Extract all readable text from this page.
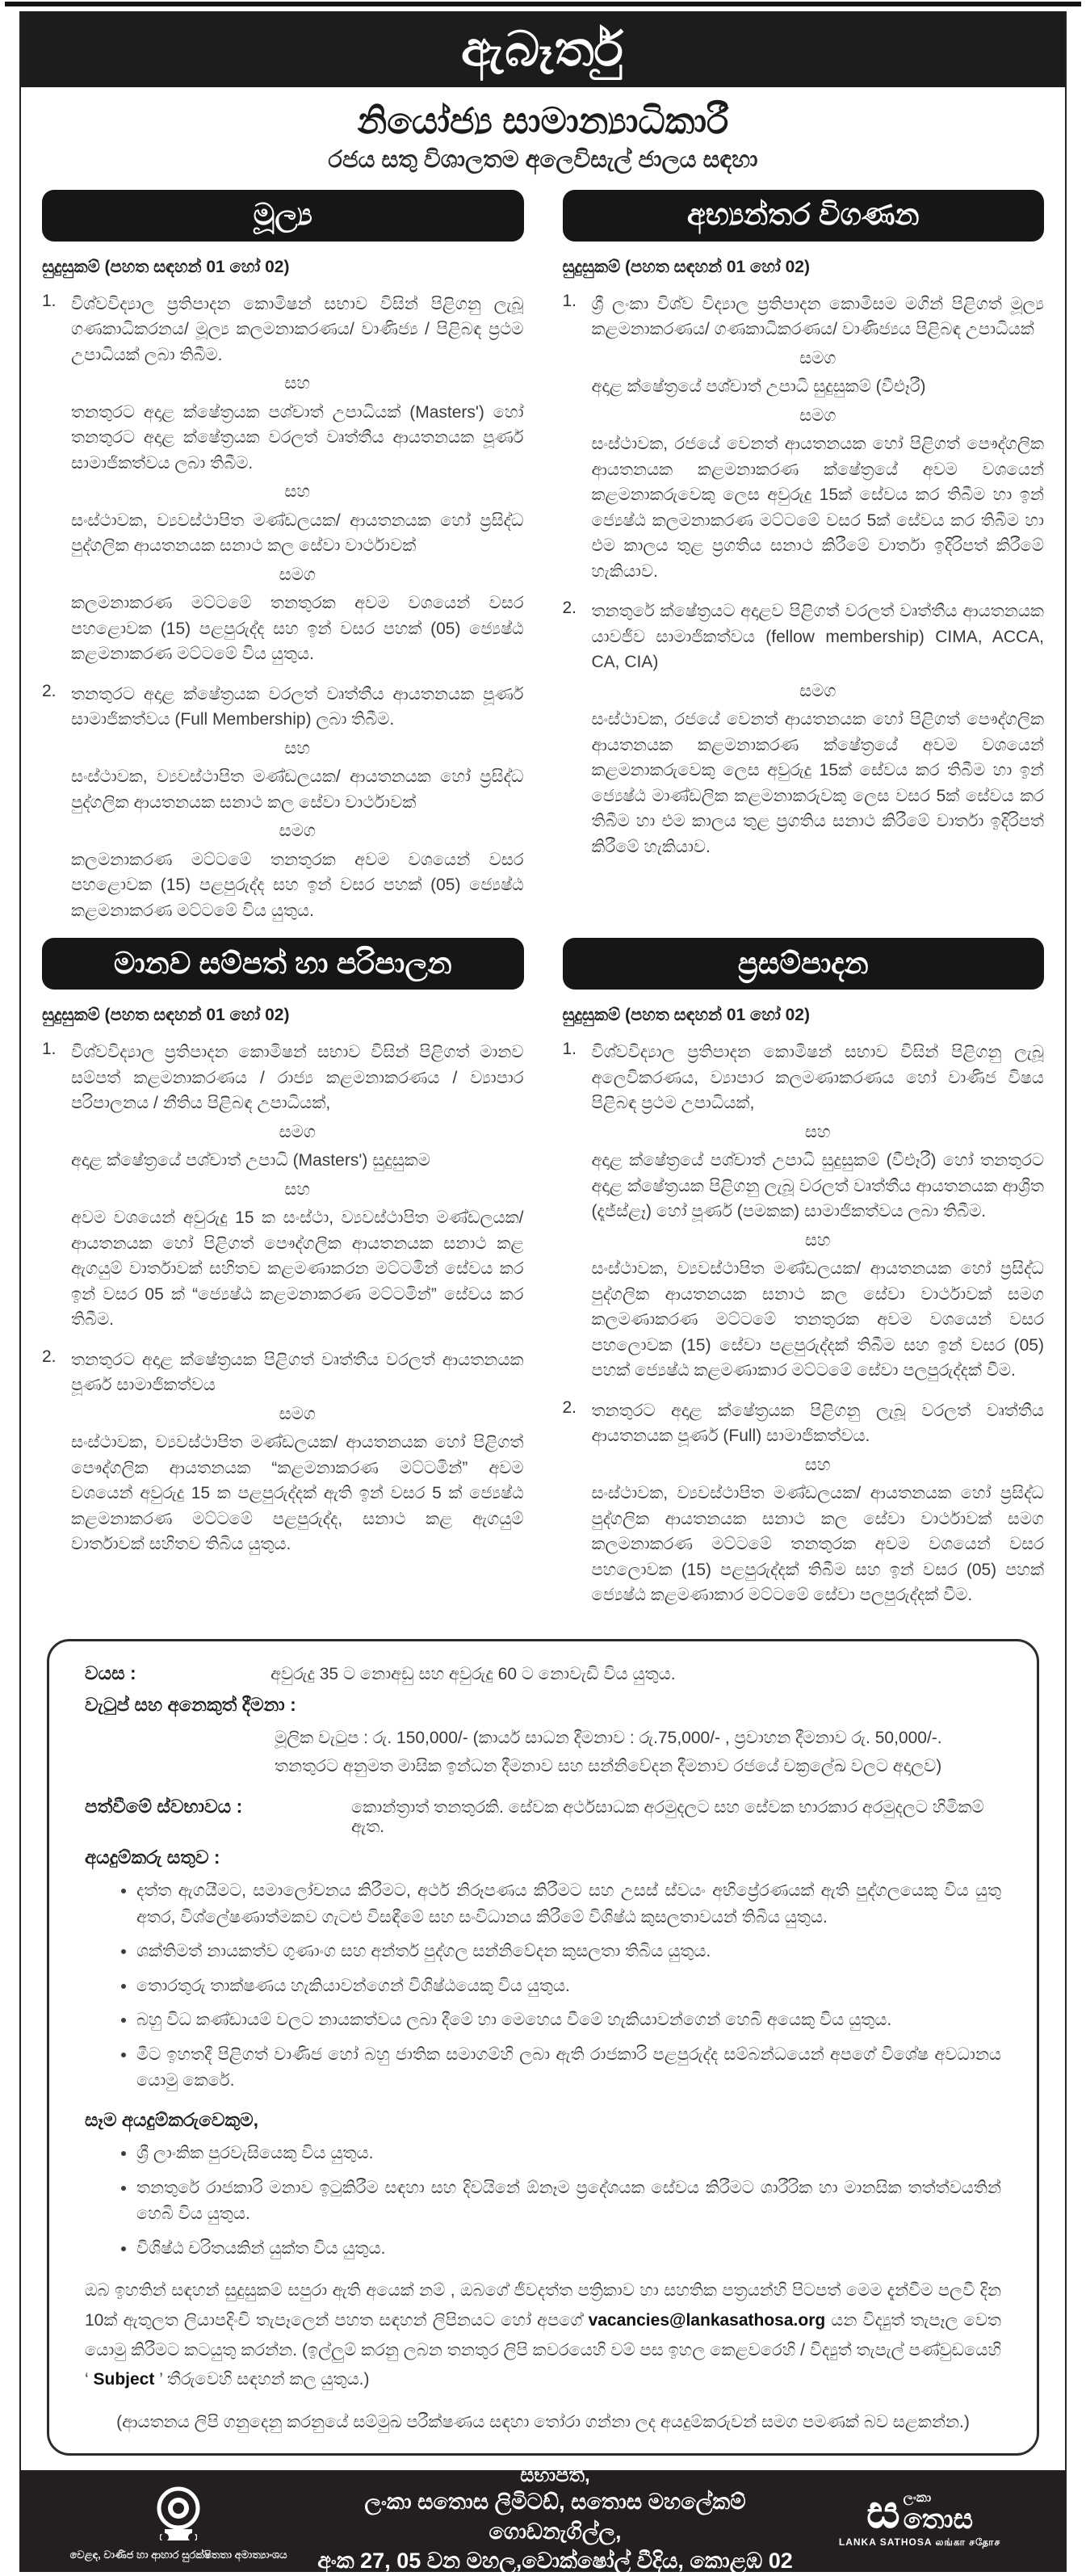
ඇබෑර්තු
නියෝජ්‍ය සාමාන්‍යාධිකාරී
රජය සතු විශාලතම අලෙවිසැල් ජාලය සඳහා
මූල්‍ය
සුදුසුකම් (පහත සඳහන් 01 හෝ 02)
1. විශ්වවිද්‍යාල ප්‍රතිපාදන කොමිෂන් සභාව විසින් පිළිගනු ලැබූ ගණකාධිකරනය/ මූල්‍ය කලමනාකරණය/ වාණිජ්‍ය / පිළිබඳ ප්‍රථම උපාධියක් ලබා තිබීම.
සහ
තනතුරට අදාළ ක්ෂේත්‍රයක පශ්චාත් උපාධියක් (Masters') හෝ තනතුරට අදාළ ක්ෂේත්‍රයක වරලත් වෘත්තීය ආයතනයක පූර්ණ සාමාජිකත්වය ලබා තිබීම.
සහ
සංස්ථාවක, ව්‍යවස්ථාපිත මණ්ඩලයක/ ආයතනයක හෝ ප්‍රසිද්ධ පුද්ගලික ආයතනයක සනාථ කල සේවා වාර්ථාවක්
සමග
කලමනාකරණ මට්ටමේ තනතුරක අවම වශයෙන් වසර පහළොවක (15) පළපුරුද්ද සහ ඉන් වසර පහක් (05) ජ්‍යෙෂ්ඨ කළමනාකරණ මට්ටමේ විය යුතුය.
2. තනතුරට අදාළ ක්ෂේත්‍රයක වරලත් වෘත්තීය ආයතනයක පූර්ණ සාමාජිකත්වය (Full Membership) ලබා තිබීම.
සහ
සංස්ථාවක, ව්‍යවස්ථාපිත මණ්ඩලයක/ ආයතනයක හෝ ප්‍රසිද්ධ පුද්ගලික ආයතනයක සනාථ කල සේවා වාර්ථාවක්
සමග
කලමනාකරණ මට්ටමේ තනතුරක අවම වශයෙන් වසර පහළොවක (15) පළපුරුද්ද සහ ඉන් වසර පහක් (05) ජ්‍යෙෂ්ඨ කළමනාකරණ මට්ටමේ විය යුතුය.
අභ්‍යන්තර විගණන
සුදුසුකම් (පහත සඳහන් 01 හෝ 02)
1. ශ්‍රී ලංකා විශ්ව විද්‍යාල ප්‍රතිපාදන කොමිසම මගින් පිළිගත් මූල්‍ය කළමනාකරණය/ ගණකාධිකරණය/ වාණිජ්‍යය පිළිබඳ උපාධියක්
සමග
අදාළ ක්ෂේත්‍රයේ පශ්චාත් උපාධි සුදුසුකම් (වීඑෑරී)
සමග
සංස්ථාවක, රජයේ වෙනත් ආයතනයක හෝ පිළිගත් පෞද්ගලික ආයතනයක කළමනාකරණ ක්ෂේත්‍රයේ අවම වශයෙන් කළමනාකරුවෙකු ලෙස අවුරුදු 15ක් සේවය කර තිබීම හා ඉන් ජ්‍යෙෂ්ඨ කලමනාකරණ මට්ටමේ වසර 5ක් සේවය කර තිබීම හා එම කාලය තුළ ප්‍රගතිය සනාථ කිරීමේ වාර්තා ඉදිරිපත් කිරීමේ හැකියාව.
2. තනතුරේ ක්ෂේත්‍රයට අදාළව පිළිගත් වරලත් වෘත්තීය ආයතනයක යාවජීව සාමාජිකත්වය (fellow membership) CIMA, ACCA, CA, CIA)
සමග
සංස්ථාවක, රජයේ වෙනත් ආයතනයක හෝ පිළිගත් පෞද්ගලික ආයතනයක කළමනාකරණ ක්ෂේත්‍රයේ අවම වශයෙන් කළමනාකරුවෙකු ලෙස අවුරුදු 15ක් සේවය කර තිබීම හා ඉන් ජ්‍යෙෂ්ඨ මාණ්ඩලික කළමනාකරුවකු ලෙස වසර 5ක් සේවය කර තිබීම හා එම කාලය තුළ ප්‍රගතිය සනාථ කිරීමේ වාර්තා ඉදිරිපත් කිරීමේ හැකියාව.
මානව සම්පත් හා පරිපාලන
සුදුසුකම් (පහත සඳහන් 01 හෝ 02)
1. විශ්වවිද්‍යාල ප්‍රතිපාදන කොමිෂන් සභාව විසින් පිළිගත් මානව සම්පත් කළමනාකරණය / රාජ්‍ය කළමනාකරණය / ව්‍යාපාර පරිපාලනය / නීතිය පිළිබඳ උපාධියක්,
සමග
අදාළ ක්ෂේත්‍රයේ පශ්චාත් උපාධි (Masters') සුදුසුකම
සහ
අවම වශයෙන් අවුරුදු 15 ක සංස්ථා, ව්‍යවස්ථාපිත මණ්ඩලයක/ ආයතනයක හෝ පිළිගත් පෞද්ගලික ආයතනයක සනාථ කළ ඇගයුම් වාර්තාවක් සහිතව කළමණාකරන මට්ටමින් සේවය කර ඉන් වසර 05 ක් “ජ්‍යෙෂ්ඨ කළමනාකරණ මට්ටමින්” සේවය කර තිබීම.
2. තනතුරට අදාළ ක්ෂේත්‍රයක පිළිගත් වෘත්තීය වරලත් ආයතනයක පූර්ණ සාමාජිකත්වය
සමග
සංස්ථාවක, ව්‍යවස්ථාපිත මණ්ඩලයක/ ආයතනයක හෝ පිළිගත් පෞද්ගලික ආයතනයක “කළමනාකරණ මට්ටමින්” අවම වශයෙන් අවුරුදු 15 ක පළපුරුද්දක් ඇති ඉන් වසර 5 ක් ජ්‍යෙෂ්ඨ කළමනාකරණ මට්ටමේ පළපුරුද්ද, සනාථ කළ ඇගයුම් වාර්තාවක් සහිතව තිබිය යුතුය.
ප්‍රසම්පාදන
සුදුසුකම් (පහත සඳහන් 01 හෝ 02)
1. විශ්වවිද්‍යාල ප්‍රතිපාදන කොමිෂන් සභාව විසින් පිළිගනු ලැබූ අලෙවිකරණය, ව්‍යාපාර කලමණාකරණය හෝ වාණිජ විෂය පිළිබඳ ප්‍රථම උපාධියක්,
සහ
අදාළ ක්ෂේත්‍රයේ පශ්චාත් උපාධි සුදුසුකම් (වීඑෑරී) හෝ තනතුරට අදාළ ක්ෂේත්‍රයක පිළිගනු ලැබූ වරලත් වෘත්තීය ආයතනයක ආශ්‍රිත (දෑජ්ස්ළෑ) හෝ පූර්ණ (පමකක) සාමාජිකත්වය ලබා තිබීම.
සහ
සංස්ථාවක, ව්‍යවස්ථාපිත මණ්ඩලයක/ ආයතනයක හෝ ප්‍රසිද්ධ පුද්ගලික ආයතනයක සනාථ කල සේවා වාර්ථාවක් සමග කලමණාකරණ මට්ටමේ තනතුරක අවම වශයෙන් වසර පහලොවක (15) සේවා පළපුරුද්දක් තිබීම සහ ඉන් වසර (05) පහක් ජ්‍යෙෂ්ඨ කළමණාකාර මට්ටමේ සේවා පලපුරුද්දක් වීම.
2. තනතුරට අදාළ ක්ෂේත්‍රයක පිළිගනු ලැබූ වරලත් වෘත්තීය ආයතනයක පූර්ණ (Full) සාමාජිකත්වය.
සහ
සංස්ථාවක, ව්‍යවස්ථාපිත මණ්ඩලයක/ ආයතනයක හෝ ප්‍රසිද්ධ පුද්ගලික ආයතනයක සනාථ කල සේවා වාර්ථාවක් සමග කලමනාකරණ මට්ටමේ තනතුරක අවම වශයෙන් වසර පහලොවක (15) පළපුරුද්දක් තිබීම සහ ඉන් වසර (05) පහක් ජ්‍යෙෂ්ඨ කළමණාකාර මට්ටමේ සේවා පලපුරුද්දක් වීම.
වයස :	අවුරුදු 35 ට නොඅඩු සහ අවුරුදු 60 ට නොවැඩි විය යුතුය.
වැටුප් සහ අනෙකුත් දීමනා :
මූලික වැටුප : රු. 150,000/- (කාර්ය සාධන දීමනාව : රු.75,000/- , ප්‍රවාහන දීමනාව රු. 50,000/-.
තනතුරට අනුමත මාසික ඉන්ධන දීමනාව සහ සන්නිවේදන දීමනාව රජයේ චක්‍රලේඛ වලට අදාලව)
පත්වීමේ ස්වභාවය :	කොන්ත්‍රාත් තනතුරකි. සේවක අර්ථසාධක අරමුදලට සහ සේවක භාරකාර අරමුදලට හිමිකම් ඇත.
අයදුම්කරු සතුව :
• දත්ත ඇගයීමට, සමාලෝචනය කිරීමට, අර්ථ නිරූපණය කිරීමට සහ උසස් ස්වයං අභිප්‍රේරණයක් ඇති පුද්ගලයෙකු විය යුතු අතර, විශ්ලේෂණාත්මකව ගැටළු විසඳීමේ සහ සංවිධානය කිරීමේ විශිෂ්ඨ කුසලතාවයන් තිබිය යුතුය.
• ශක්තිමත් නායකත්ව ගුණාංග සහ අන්තර් පුද්ගල සන්නිවේදන කුසලතා තිබිය යුතුය.
• තොරතුරු තාක්ෂණය හැකියාවන්ගෙන් විශිෂ්ඨයෙකු විය යුතුය.
• බහු විධ කණ්ඩායම් වලට නායකත්වය ලබා දීමේ හා මෙහෙය වීමේ හැකියාවන්ගෙන් හෙබි අයෙකු විය යුතුය.
• මීට ඉහතදී පිළිගත් වාණිජ හෝ බහු ජාතික සමාගම්හි ලබා ඇති රාජකාරි පළපුරුද්ද සම්බන්ධයෙන් අපගේ විශේෂ අවධානය යොමු කෙරේ.
සෑම අයදුම්කරුවෙකුම,
• ශ්‍රී ලාංකික පුරවැසියෙකු විය යුතුය.
• තනතුරේ රාජකාරි මනාව ඉටුකිරීම සඳහා සහ දිවයිනේ ඕනෑම ප්‍රදේශයක සේවය කිරීමට ශාරීරික හා මානසික තත්ත්වයතින් හෙබි විය යුතුය.
• විශිෂ්ඨ චරිතයකින් යුක්ත විය යුතුය.

ඔබ ඉහතින් සඳහන් සුදුසුකම් සපුරා ඇති අයෙක් නම් , ඔබගේ ජීවදත්ත පත්‍රිකාව හා සහතික පත්‍රයන්හි පිටපත් මෙම දැන්වීම පලවී දින 10ක් ඇතුලත ලියාපදිංචි තැපෑලෙන් පහත සඳහන් ලිපිනයට හෝ අපගේ vacancies@lankasathosa.org යන විද්‍යුත් තැපෑල වෙත යොමු කිරීමට කටයුතු කරන්න. (ඉල්ලුම් කරනු ලබන තනතුර ලිපි කවරයෙහි වම් පස ඉහල කෙළවරෙහි / විද්‍යුත් තැපැල් පණ්වුඩයෙහි ‘ Subject ’ තීරුවෙහි සඳහන් කල යුතුය.)

(ආයතනය ලිපි ගනුදෙනු කරනුයේ සම්මුඛ පරීක්ෂණය සඳහා තෝරා ගන්නා ලද අයදුම්කරුවන් සමග පමණක් බව සළකන්න.)

වෙළඳ, වාණිජ හා ආහාර සුරක්ෂිතතා අමාත්‍යාංශය
සභාපති,
ලංකා සතොස ලිමිටඩ්, සතොස මහලේකම් ගොඩනැගිල්ල,
අංක 27, 05 වන මහල,වොක්ෂෝල් වීදිය, කොළඹ 02
ස ලංකා
තොස
LANKA SATHOSA லங்கா சதோச
